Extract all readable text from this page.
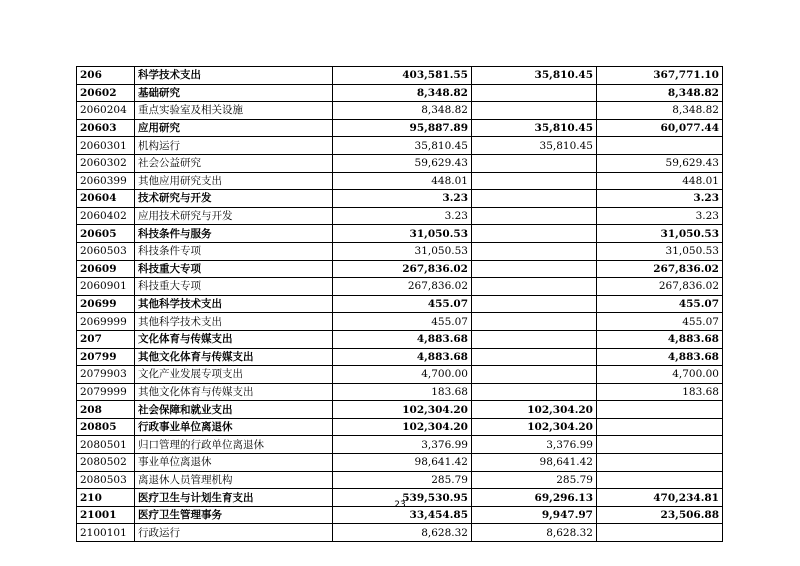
206	科学技术支出	403,581.55	35,810.45	367,771.10
20602	基础研究	8,348.82		8,348.82
2060204	重点实验室及相关设施	8,348.82		8,348.82
20603	应用研究	95,887.89	35,810.45	60,077.44
2060301	机构运行	35,810.45	35,810.45	
2060302	社会公益研究	59,629.43		59,629.43
2060399	其他应用研究支出	448.01		448.01
20604	技术研究与开发	3.23		3.23
2060402	应用技术研究与开发	3.23		3.23
20605	科技条件与服务	31,050.53		31,050.53
2060503	科技条件专项	31,050.53		31,050.53
20609	科技重大专项	267,836.02		267,836.02
2060901	科技重大专项	267,836.02		267,836.02
20699	其他科学技术支出	455.07		455.07
2069999	其他科学技术支出	455.07		455.07
207	文化体育与传媒支出	4,883.68		4,883.68
20799	其他文化体育与传媒支出	4,883.68		4,883.68
2079903	文化产业发展专项支出	4,700.00		4,700.00
2079999	其他文化体育与传媒支出	183.68		183.68
208	社会保障和就业支出	102,304.20	102,304.20	
20805	行政事业单位离退休	102,304.20	102,304.20	
2080501	归口管理的行政单位离退休	3,376.99	3,376.99	
2080502	事业单位离退休	98,641.42	98,641.42	
2080503	离退休人员管理机构	285.79	285.79	
210	医疗卫生与计划生育支出	539,530.95	69,296.13	470,234.81
21001	医疗卫生管理事务	33,454.85	9,947.97	23,506.88
2100101	行政运行	8,628.32	8,628.32	
23
